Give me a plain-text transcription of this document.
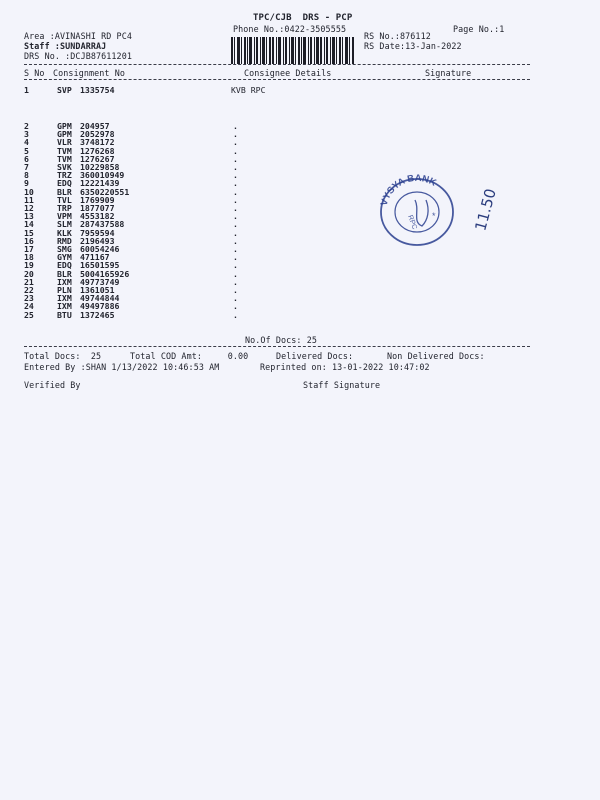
TPC/CJB  DRS - PCP
Phone No.:0422-3505555	Page No.:1
Area :AVINASHI RD PC4
Staff :SUNDARRAJ
DRS No. :DCJB87611201
RS No.:876112
RS Date:13-Jan-2022
S No Consignment No	Consignee Details	Signature
1	SVP 1335754	KVB RPC
2	GPM 204957	.
3	GPM 2052978	.
4	VLR 3748172	.
5	TVM 1276268	.
6	TVM 1276267	.
7	SVK 10229858	.
8	TRZ 360010949	.
9	EDQ 12221439	.
10	BLR 6350220551	.
11	TVL 1769909	.
12	TRP 1877077	.
13	VPM 4553182	.
14	SLM 287437588	.
15	KLK 7959594	.
16	RMD 2196493	.
17	SMG 60054246	.
18	GYM 471167	.
19	EDQ 16501595	.
20	BLR 5004165926	.
21	IXM 49773749	.
22	PLN 1361051	.
23	IXM 49744844	.
24	IXM 49497886	.
25	BTU 1372465	.
VYSYA BANK
RPC * 11.50
No.Of Docs: 25
Total Docs:  25	Total COD Amt:     0.00	Delivered Docs:	Non Delivered Docs:
Entered By :SHAN 1/13/2022 10:46:53 AM	Reprinted on: 13-01-2022 10:47:02
Verified By	Staff Signature
